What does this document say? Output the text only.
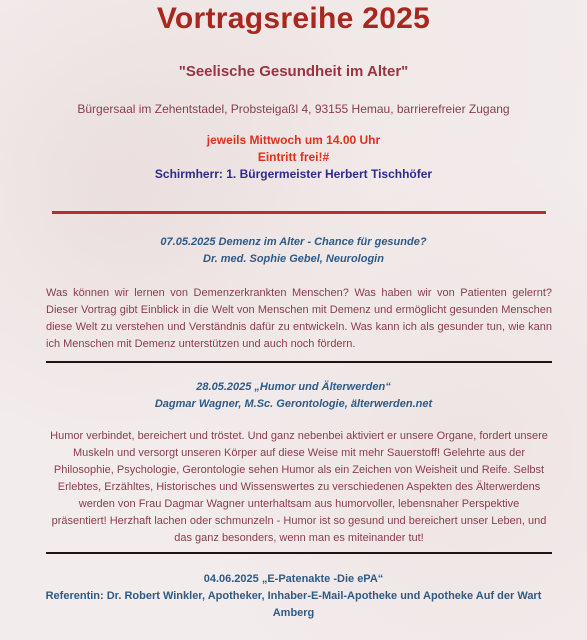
Vortragsreihe 2025
"Seelische Gesundheit im Alter"
Bürgersaal im Zehentstadel, Probsteigaßl 4, 93155 Hemau, barrierefreier Zugang
jeweils Mittwoch um 14.00 Uhr
Eintritt frei!#
Schirmherr: 1. Bürgermeister Herbert Tischhöfer
07.05.2025 Demenz im Alter - Chance für gesunde?
Dr. med. Sophie Gebel, Neurologin
Was können wir lernen von Demenzerkrankten Menschen? Was haben wir von Patienten gelernt? Dieser Vortrag gibt Einblick in die Welt von Menschen mit Demenz und ermöglicht gesunden Menschen diese Welt zu verstehen und Verständnis dafür zu entwickeln. Was kann ich als gesunder tun, wie kann ich Menschen mit Demenz unterstützen und auch noch fördern.
28.05.2025 „Humor und Älterwerden“
Dagmar Wagner, M.Sc. Gerontologie, älterwerden.net
Humor verbindet, bereichert und tröstet. Und ganz nebenbei aktiviert er unsere Organe, fordert unsere Muskeln und versorgt unseren Körper auf diese Weise mit mehr Sauerstoff! Gelehrte aus der Philosophie, Psychologie, Gerontologie sehen Humor als ein Zeichen von Weisheit und Reife. Selbst Erlebtes, Erzähltes, Historisches und Wissenswertes zu verschiedenen Aspekten des Älterwerdens werden von Frau Dagmar Wagner unterhaltsam aus humorvoller, lebensnaher Perspektive präsentiert! Herzhaft lachen oder schmunzeln - Humor ist so gesund und bereichert unser Leben, und das ganz besonders, wenn man es miteinander tut!
04.06.2025 „E-Patenakte -Die ePA“
Referentin: Dr. Robert Winkler, Apotheker, Inhaber-E-Mail-Apotheke und Apotheke Auf der Wart Amberg
